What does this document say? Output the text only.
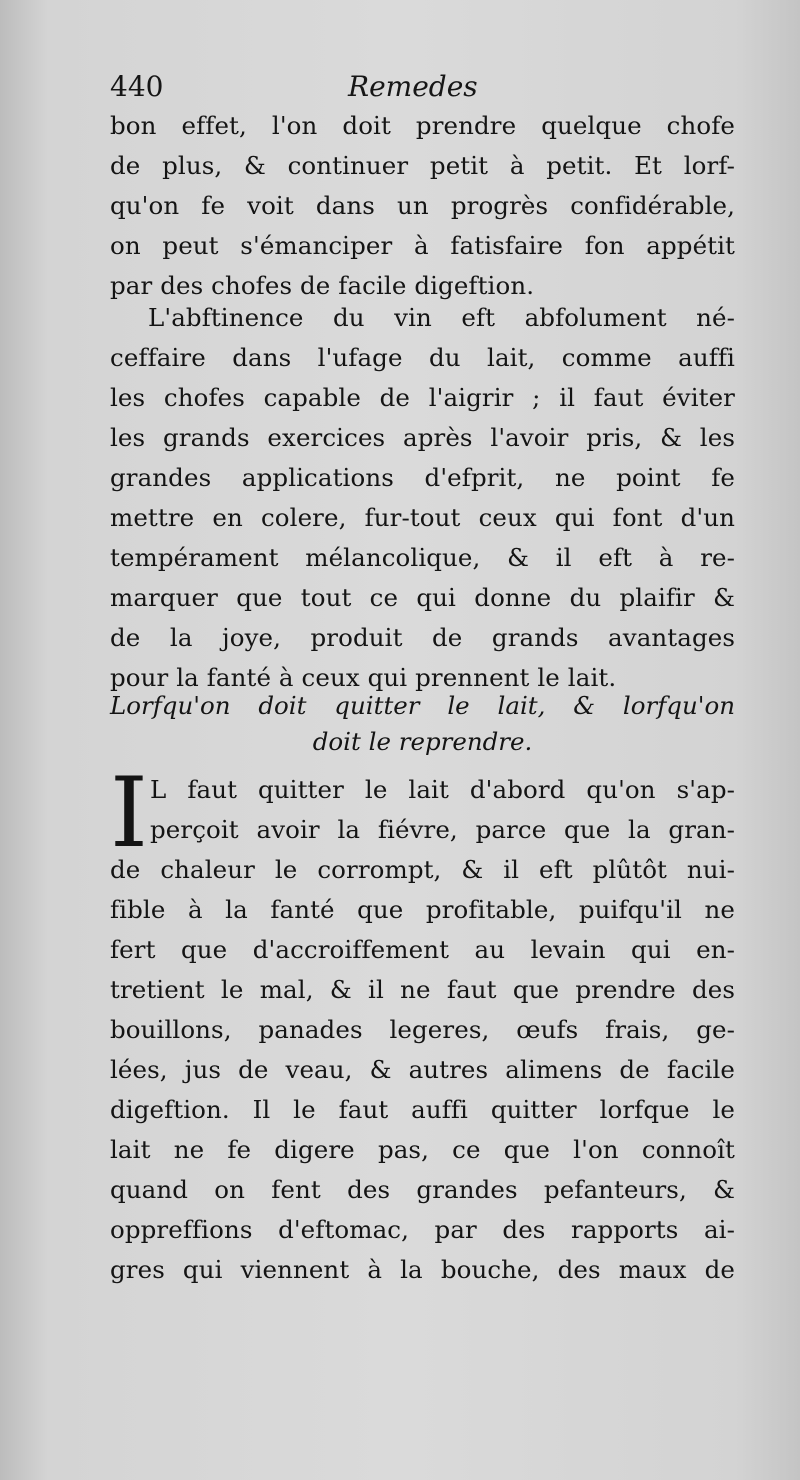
440	Remedes
bon effet, l'on doit prendre quelque chofe
de plus, & continuer petit à petit. Et lorf-
qu'on fe voit dans un progrès confidérable,
on peut s'émanciper à fatisfaire fon appétit
par des chofes de facile digeftion.
L'abftinence du vin eft abfolument né-
ceffaire dans l'ufage du lait, comme auffi
les chofes capable de l'aigrir ; il faut éviter
les grands exercices après l'avoir pris, & les
grandes applications d'efprit, ne point fe
mettre en colere, fur-tout ceux qui font d'un
tempérament mélancolique, & il eft à re-
marquer que tout ce qui donne du plaifir &
de la joye, produit de grands avantages
pour la fanté à ceux qui prennent le lait.
Lorfqu'on doit quitter le lait, & lorfqu'on
doit le reprendre.
I L faut quitter le lait d'abord qu'on s'ap-
perçoit avoir la fiévre, parce que la gran-
de chaleur le corrompt, & il eft plûtôt nui-
fible à la fanté que profitable, puifqu'il ne
fert que d'accroiffement au levain qui en-
tretient le mal, & il ne faut que prendre des
bouillons, panades legeres, œufs frais, ge-
lées, jus de veau, & autres alimens de facile
digeftion. Il le faut auffi quitter lorfque le
lait ne fe digere pas, ce que l'on connoît
quand on fent des grandes pefanteurs, &
oppreffions d'eftomac, par des rapports ai-
gres qui viennent à la bouche, des maux de
